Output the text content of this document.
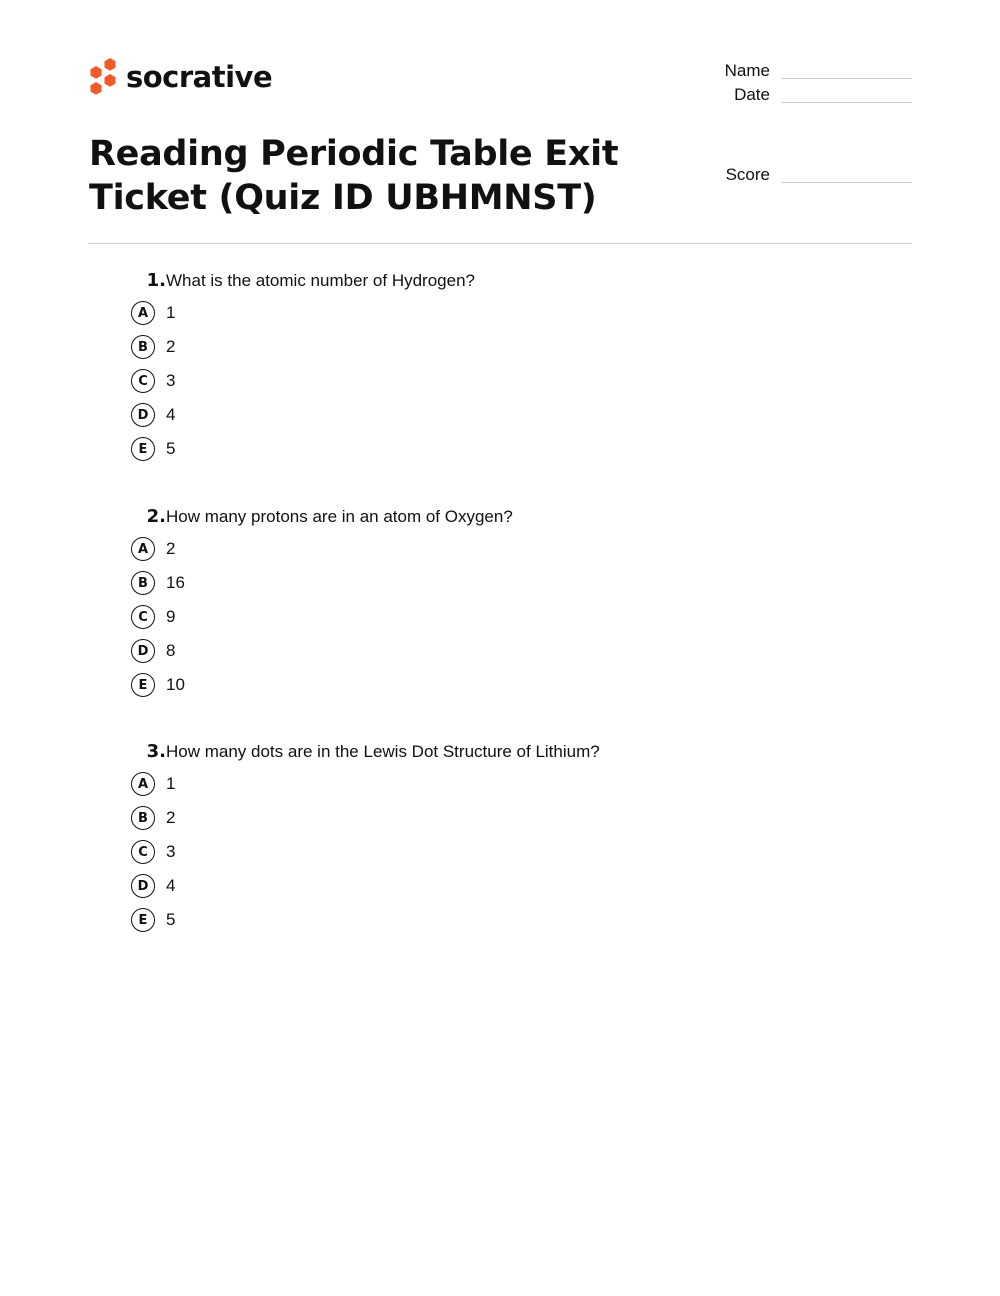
socrative	Name
Date
Score
Reading Periodic Table Exit Ticket (Quiz ID UBHMNST)
1. What is the atomic number of Hydrogen?
A	1
B	2
C	3
D	4
E	5
2. How many protons are in an atom of Oxygen?
A	2
B	16
C	9
D	8
E	10
3. How many dots are in the Lewis Dot Structure of Lithium?
A	1
B	2
C	3
D	4
E	5
